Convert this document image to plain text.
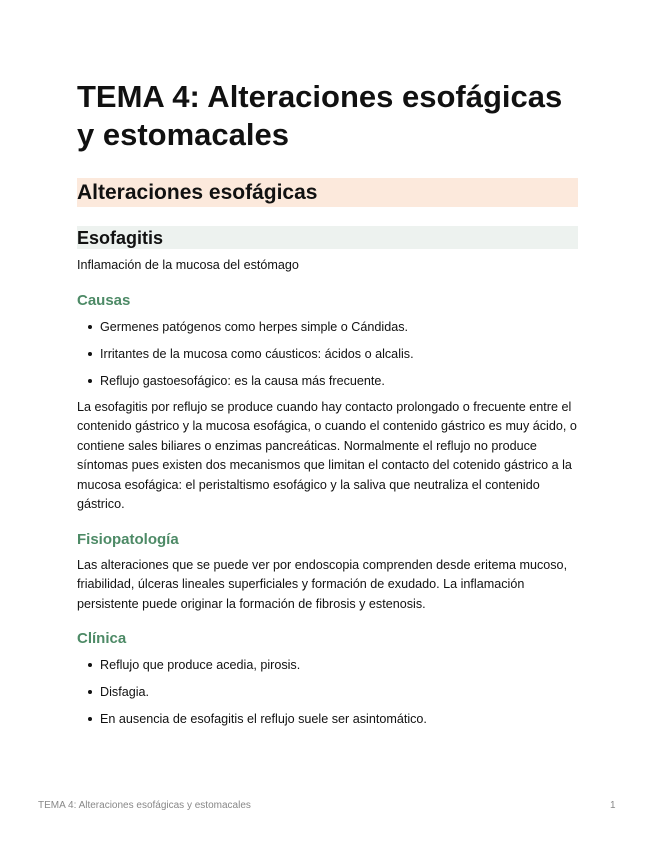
TEMA 4: Alteraciones esofágicas y estomacales
Alteraciones esofágicas
Esofagitis

Inflamación de la mucosa del estómago

Causas
Germenes patógenos como herpes simple o Cándidas.
Irritantes de la mucosa como cáusticos: ácidos o alcalis.
Reflujo gastoesofágico: es la causa más frecuente.

La esofagitis por reflujo se produce cuando hay contacto prolongado o frecuente entre el contenido gástrico y la mucosa esofágica, o cuando el contenido gástrico es muy ácido, o contiene sales biliares o enzimas pancreáticas. Normalmente el reflujo no produce síntomas pues existen dos mecanismos que limitan el contacto del cotenido gástrico a la mucosa esofágica: el peristaltismo esofágico y la saliva que neutraliza el contenido gástrico.

Fisiopatología

Las alteraciones que se puede ver por endoscopia comprenden desde eritema mucoso, friabilidad, úlceras lineales superficiales y formación de exudado. La inflamación persistente puede originar la formación de fibrosis y estenosis.

Clínica
Reflujo que produce acedia, pirosis.
Disfagia.
En ausencia de esofagitis el reflujo suele ser asintomático.
TEMA 4: Alteraciones esofágicas y estomacales	1
